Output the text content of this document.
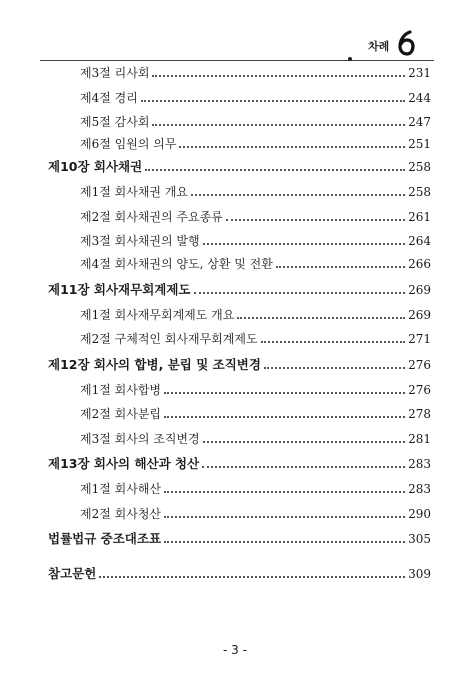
차례
제3절 리사회	231
제4절 경리	244
제5절 감사회	247
제6절 임원의 의무	251
제10장 회사채권	258
제1절 회사채권 개요	258
제2절 회사채권의 주요종류	261
제3절 회사채권의 발행	264
제4절 회사채권의 양도, 상환 및 전환	266
제11장 회사재무회계제도	269
제1절 회사재무회계제도 개요	269
제2절 구체적인 회사재무회계제도	271
제12장 회사의 합병, 분립 및 조직변경	276
제1절 회사합병	276
제2절 회사분립	278
제3절 회사의 조직변경	281
제13장 회사의 해산과 청산	283
제1절 회사해산	283
제2절 회사청산	290
법률법규 중조대조표	305
참고문헌	309
- 3 -
